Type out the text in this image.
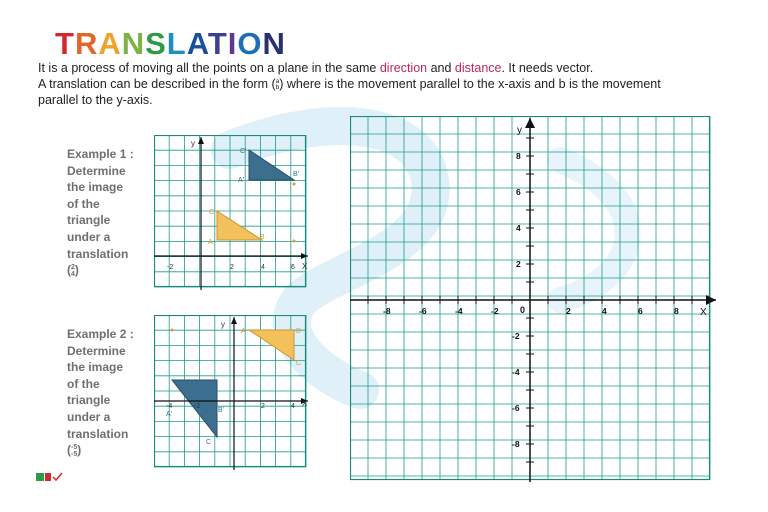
TRANSLATION
It is a process of moving all the points on a plane in the same direction and distance. It needs vector.
A translation can be described in the form (a
b) where is the movement parallel to the x-axis and b is the movement
parallel to the y-axis.
Example 1 :
Determine
the image
of the
triangle
under a
translation
(2
4)
Example 2 :
Determine
the image
of the
triangle
under a
translation
(-5
-5)
y
X
-2	2	4	6
A
B
C
A'
B'
C'
y
X
-4	-2	2	4
A	D
C
A'
B'
C
y
X
0
-8	-6	-4	-2	2	4	6	8
8
6
4
2
-2
-4
-6
-8
